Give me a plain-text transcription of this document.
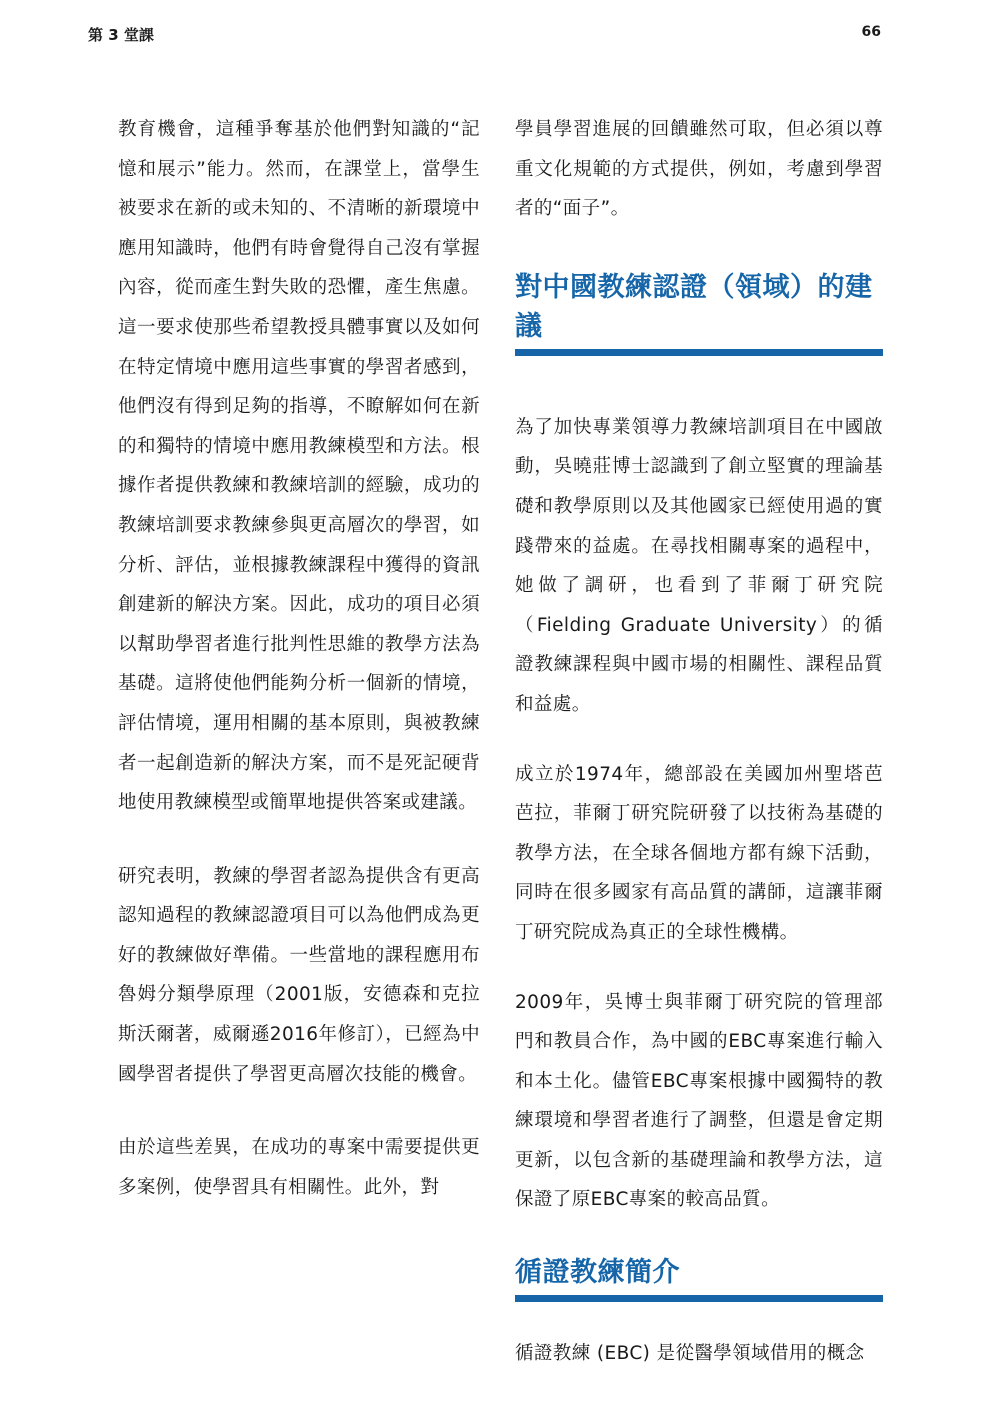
第 3 堂課	66

教育機會，這種爭奪基於他們對知識的“記憶和展示”能力。然而，在課堂上，當學生被要求在新的或未知的、不清晰的新環境中應用知識時，他們有時會覺得自己沒有掌握內容，從而產生對失敗的恐懼，產生焦慮。這一要求使那些希望教授具體事實以及如何在特定情境中應用這些事實的學習者感到，他們沒有得到足夠的指導，不瞭解如何在新的和獨特的情境中應用教練模型和方法。根據作者提供教練和教練培訓的經驗，成功的教練培訓要求教練參與更高層次的學習，如分析、評估，並根據教練課程中獲得的資訊創建新的解決方案。因此，成功的項目必須以幫助學習者進行批判性思維的教學方法為基礎。這將使他們能夠分析一個新的情境，評估情境，運用相關的基本原則，與被教練者一起創造新的解決方案，而不是死記硬背地使用教練模型或簡單地提供答案或建議。

研究表明，教練的學習者認為提供含有更高認知過程的教練認證項目可以為他們成為更好的教練做好準備。一些當地的課程應用布魯姆分類學原理（2001版，安德森和克拉斯沃爾著，威爾遜2016年修訂），已經為中國學習者提供了學習更高層次技能的機會。

由於這些差異，在成功的專案中需要提供更多案例，使學習具有相關性。此外，對

學員學習進展的回饋雖然可取，但必須以尊重文化規範的方式提供，例如，考慮到學習者的“面子”。

對中國教練認證（領域）的建議

為了加快專業領導力教練培訓項目在中國啟動，吳曉莊博士認識到了創立堅實的理論基礎和教學原則以及其他國家已經使用過的實踐帶來的益處。在尋找相關專案的過程中，她做了調研，也看到了菲爾丁研究院（Fielding Graduate University）的循證教練課程與中國市場的相關性、課程品質和益處。

成立於1974年，總部設在美國加州聖塔芭芭拉，菲爾丁研究院研發了以技術為基礎的教學方法，在全球各個地方都有線下活動，同時在很多國家有高品質的講師，這讓菲爾丁研究院成為真正的全球性機構。

2009年，吳博士與菲爾丁研究院的管理部門和教員合作，為中國的EBC專案進行輸入和本土化。儘管EBC專案根據中國獨特的教練環境和學習者進行了調整，但還是會定期更新，以包含新的基礎理論和教學方法，這保證了原EBC專案的較高品質。

循證教練簡介

循證教練 (EBC) 是從醫學領域借用的概念
